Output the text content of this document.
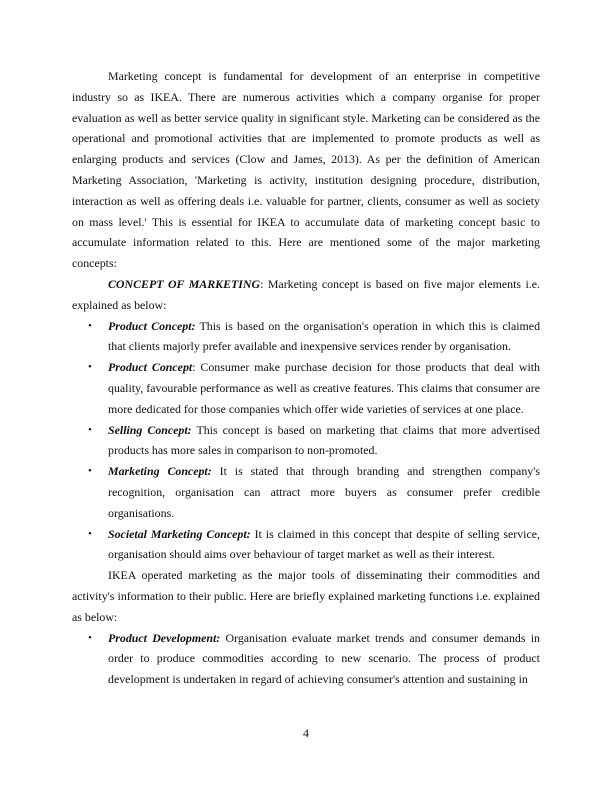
Marketing concept is fundamental for development of an enterprise in competitive industry so as IKEA. There are numerous activities which a company organise for proper evaluation as well as better service quality in significant style. Marketing can be considered as the operational and promotional activities that are implemented to promote products as well as enlarging products and services (Clow and James, 2013). As per the definition of American Marketing Association, 'Marketing is activity, institution designing procedure, distribution, interaction as well as offering deals i.e. valuable for partner, clients, consumer as well as society on mass level.' This is essential for IKEA to accumulate data of marketing concept basic to accumulate information related to this. Here are mentioned some of the major marketing concepts:

CONCEPT OF MARKETING: Marketing concept is based on five major elements i.e. explained as below:

• Product Concept: This is based on the organisation's operation in which this is claimed that clients majorly prefer available and inexpensive services render by organisation.
• Product Concept: Consumer make purchase decision for those products that deal with quality, favourable performance as well as creative features. This claims that consumer are more dedicated for those companies which offer wide varieties of services at one place.
• Selling Concept: This concept is based on marketing that claims that more advertised products has more sales in comparison to non-promoted.
• Marketing Concept: It is stated that through branding and strengthen company's recognition, organisation can attract more buyers as consumer prefer credible organisations.
• Societal Marketing Concept: It is claimed in this concept that despite of selling service, organisation should aims over behaviour of target market as well as their interest.

IKEA operated marketing as the major tools of disseminating their commodities and activity's information to their public. Here are briefly explained marketing functions i.e. explained as below:

• Product Development: Organisation evaluate market trends and consumer demands in order to produce commodities according to new scenario. The process of product development is undertaken in regard of achieving consumer's attention and sustaining in
4
